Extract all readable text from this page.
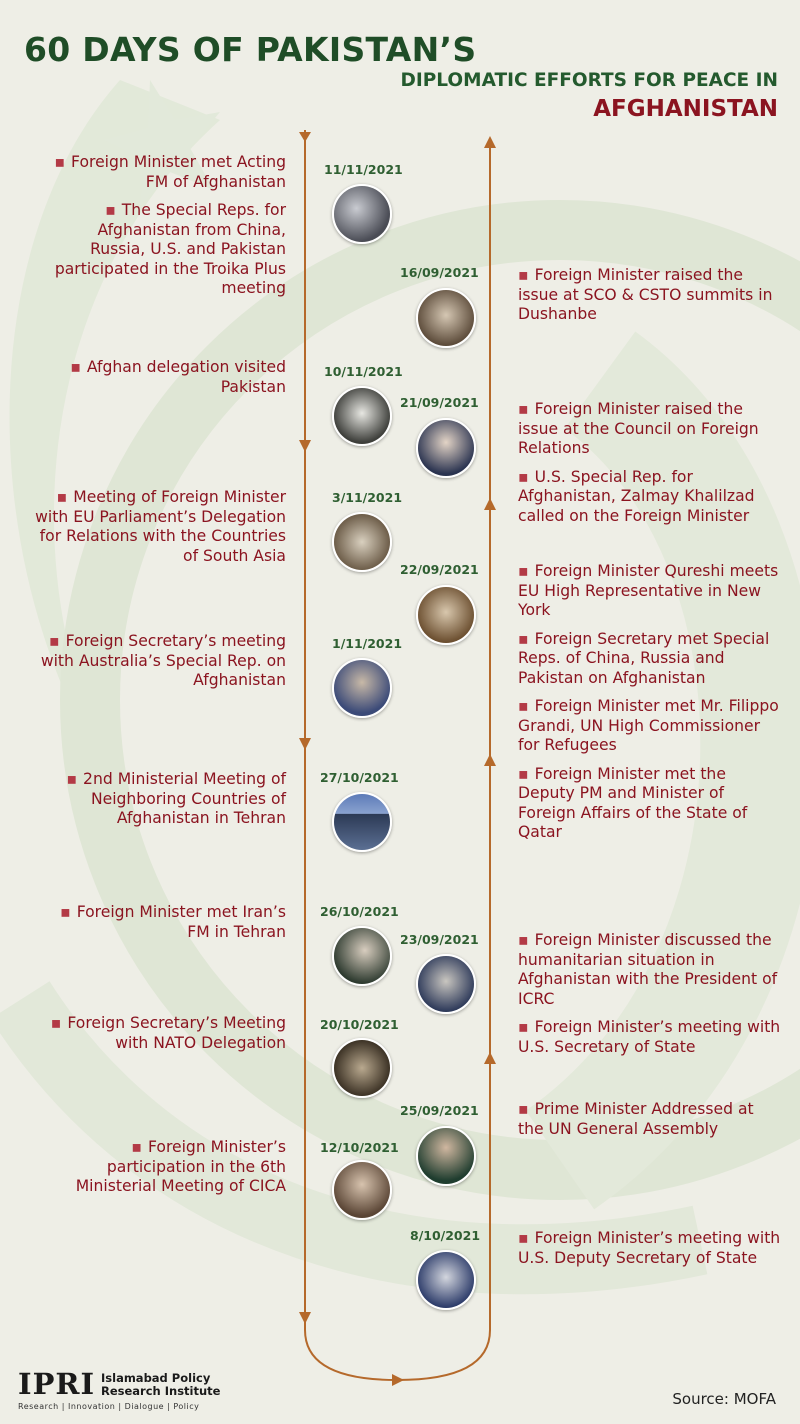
60 DAYS OF PAKISTAN’S
DIPLOMATIC EFFORTS FOR PEACE IN
AFGHANISTAN
11/11/2021
▪ Foreign Minister met Acting FM of Afghanistan
▪ The Special Reps. for Afghanistan from China, Russia, U.S. and Pakistan participated in the Troika Plus meeting
10/11/2021
▪ Afghan delegation visited Pakistan
3/11/2021
▪ Meeting of Foreign Minister with EU Parliament’s Delegation for Relations with the Countries of South Asia
1/11/2021
▪ Foreign Secretary’s meeting with Australia’s Special Rep. on Afghanistan
27/10/2021
▪ 2nd Ministerial Meeting of Neighboring Countries of Afghanistan in Tehran
26/10/2021
▪ Foreign Minister met Iran’s FM in Tehran
20/10/2021
▪ Foreign Secretary’s Meeting with NATO Delegation
12/10/2021
▪ Foreign Minister’s participation in the 6th Ministerial Meeting of CICA
16/09/2021	▪ Foreign Minister raised the issue at SCO & CSTO summits in Dushanbe
21/09/2021	▪ Foreign Minister raised the issue at the Council on Foreign Relations
▪ U.S. Special Rep. for Afghanistan, Zalmay Khalilzad called on the Foreign Minister
22/09/2021	▪ Foreign Minister Qureshi meets EU High Representative in New York
▪ Foreign Secretary met Special Reps. of China, Russia and Pakistan on Afghanistan
▪ Foreign Minister met Mr. Filippo Grandi, UN High Commissioner for Refugees
▪ Foreign Minister met the Deputy PM and Minister of Foreign Affairs of the State of Qatar
23/09/2021	▪ Foreign Minister discussed the humanitarian situation in Afghanistan with the President of ICRC
▪ Foreign Minister’s meeting with U.S. Secretary of State
25/09/2021	▪ Prime Minister Addressed at the UN General Assembly
8/10/2021 ▪ Foreign Minister’s meeting with U.S. Deputy Secretary of State
IPRI Islamabad Policy Research Institute
Research | Innovation | Dialogue | Policy	Source: MOFA
